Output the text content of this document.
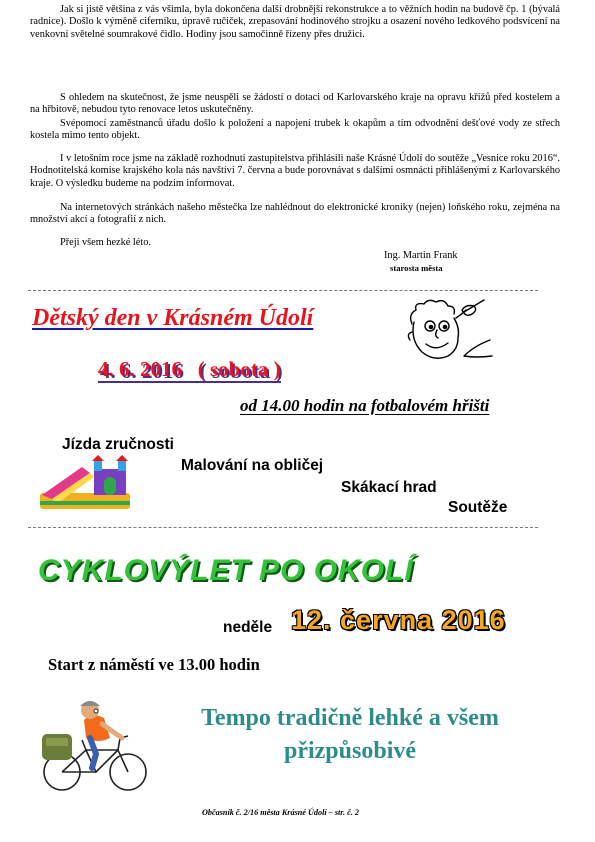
Jak si jistě většina z vás všimla, byla dokončena další drobnější rekonstrukce a to věžních hodin na budově čp. 1 (bývalá radnice). Došlo k výměně ciferníku, úpravě ručiček, zrepasování hodinového strojku a osazení nového ledkového podsvícení na venkovní světelné soumrakové čidlo. Hodiny jsou samočinně řízeny přes družici.
S ohledem na skutečnost, že jsme neuspěli se žádostí o dotaci od Karlovarského kraje na opravu křížů před kostelem a na hřbitově, nebudou tyto renovace letos uskutečněny.
Svépomocí zaměstnanců úřadu došlo k položení a napojení trubek k okapům a tím odvodnění dešťové vody ze střech kostela mimo tento objekt.
I v letošním roce jsme na základě rozhodnutí zastupitelstva přihlásili naše Krásné Údolí do soutěže „Vesnice roku 2016“. Hodnotitelská komise krajského kola nás navštíví 7. června a bude porovnávat s dalšími osmnácti přihlášenými z Karlovarského kraje. O výsledku budeme na podzim informovat.
Na internetových stránkách našeho městečka lze nahlédnout do elektronické kroniky (nejen) loňského roku, zejména na množství akcí a fotografií z nich.
Přeji všem hezké léto.
Ing. Martin Frank
starosta města
Dětský den v Krásném Údolí
4. 6. 2016   ( sobota )
od 14.00 hodin na fotbalovém hřišti
Jízda zručnosti
Malování na obličej
Skákací hrad
Soutěže
CYKLOVÝLET PO OKOLÍ
neděle 12. června 2016
Start z náměstí ve 13.00 hodin
Tempo tradičně lehké a všem
přizpůsobivé
Občasník č. 2/16 města Krásné Údolí – str. č. 2
